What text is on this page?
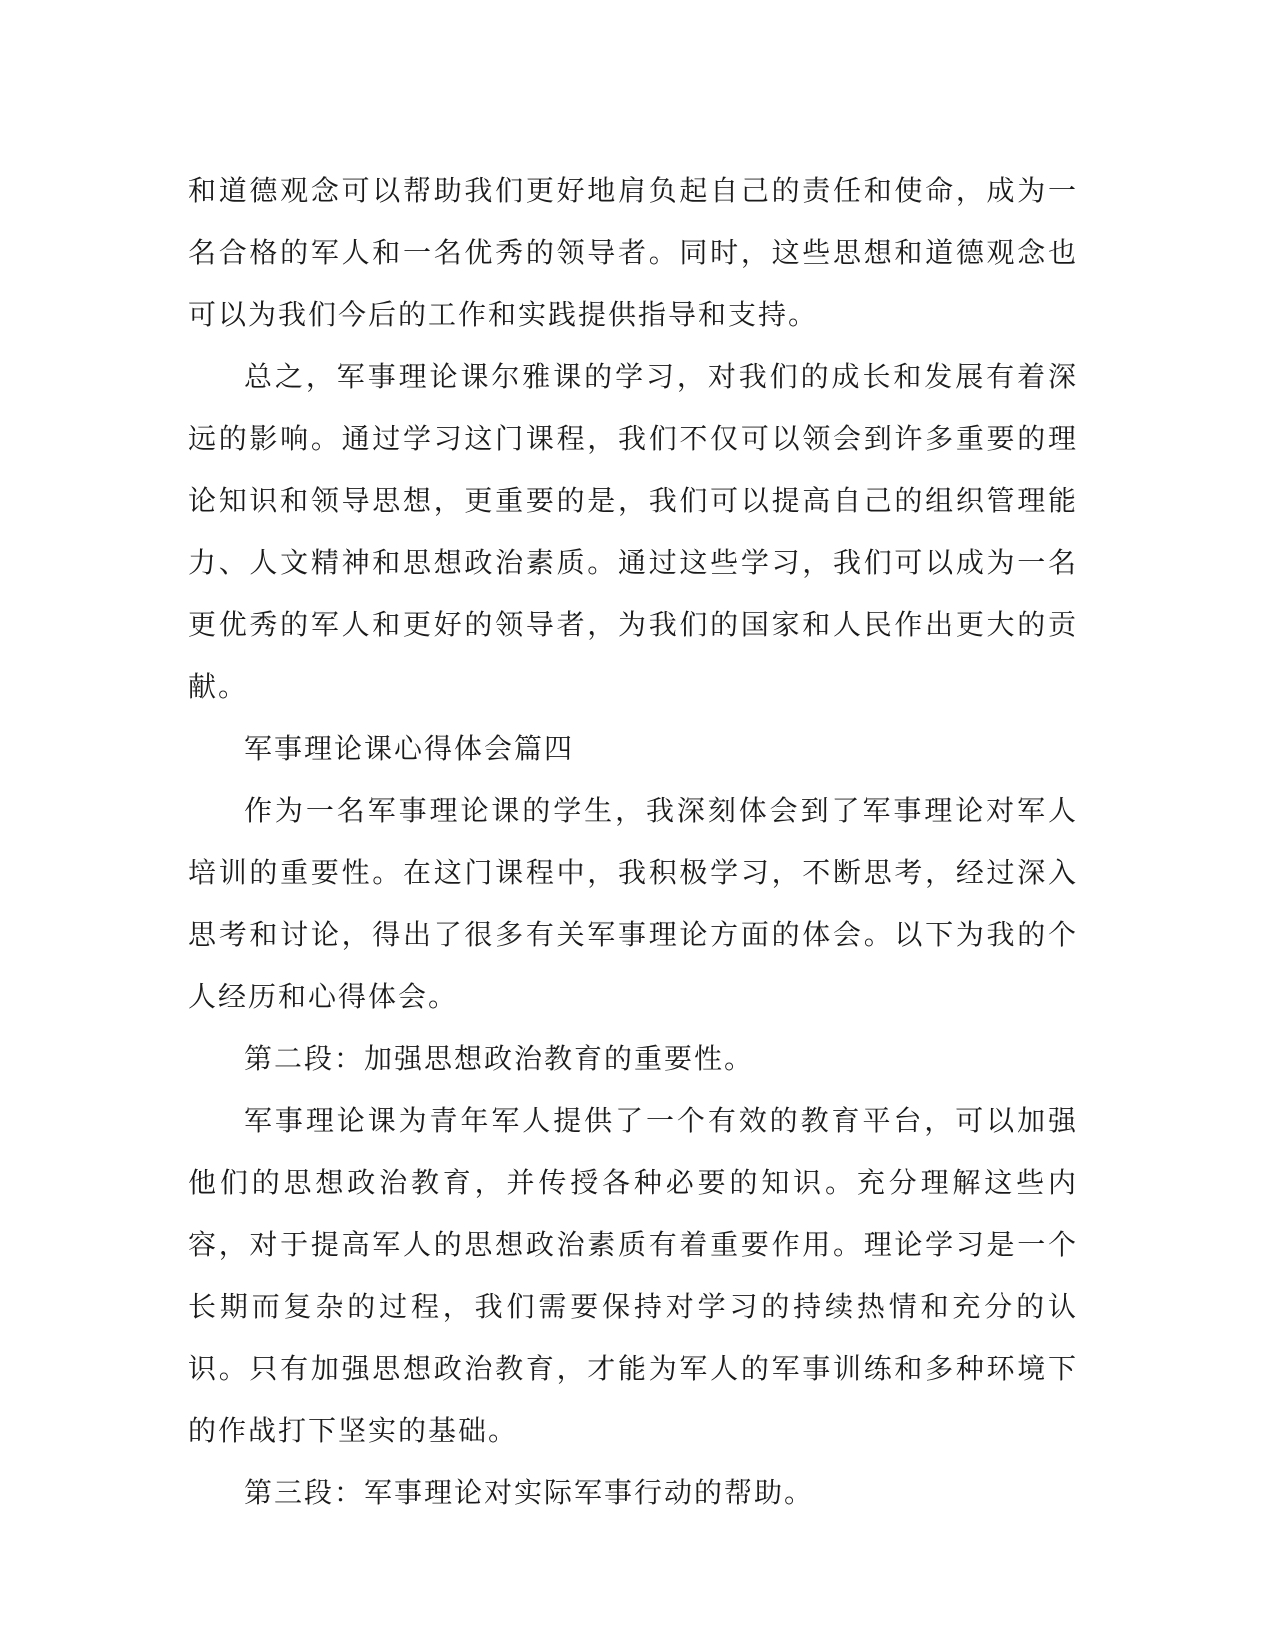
和道德观念可以帮助我们更好地肩负起自己的责任和使命，成为一名合格的军人和一名优秀的领导者。同时，这些思想和道德观念也可以为我们今后的工作和实践提供指导和支持。

总之，军事理论课尔雅课的学习，对我们的成长和发展有着深远的影响。通过学习这门课程，我们不仅可以领会到许多重要的理论知识和领导思想，更重要的是，我们可以提高自己的组织管理能力、人文精神和思想政治素质。通过这些学习，我们可以成为一名更优秀的军人和更好的领导者，为我们的国家和人民作出更大的贡献。

军事理论课心得体会篇四

作为一名军事理论课的学生，我深刻体会到了军事理论对军人培训的重要性。在这门课程中，我积极学习，不断思考，经过深入思考和讨论，得出了很多有关军事理论方面的体会。以下为我的个人经历和心得体会。

第二段：加强思想政治教育的重要性。

军事理论课为青年军人提供了一个有效的教育平台，可以加强他们的思想政治教育，并传授各种必要的知识。充分理解这些内容，对于提高军人的思想政治素质有着重要作用。理论学习是一个长期而复杂的过程，我们需要保持对学习的持续热情和充分的认识。只有加强思想政治教育，才能为军人的军事训练和多种环境下的作战打下坚实的基础。

第三段：军事理论对实际军事行动的帮助。
